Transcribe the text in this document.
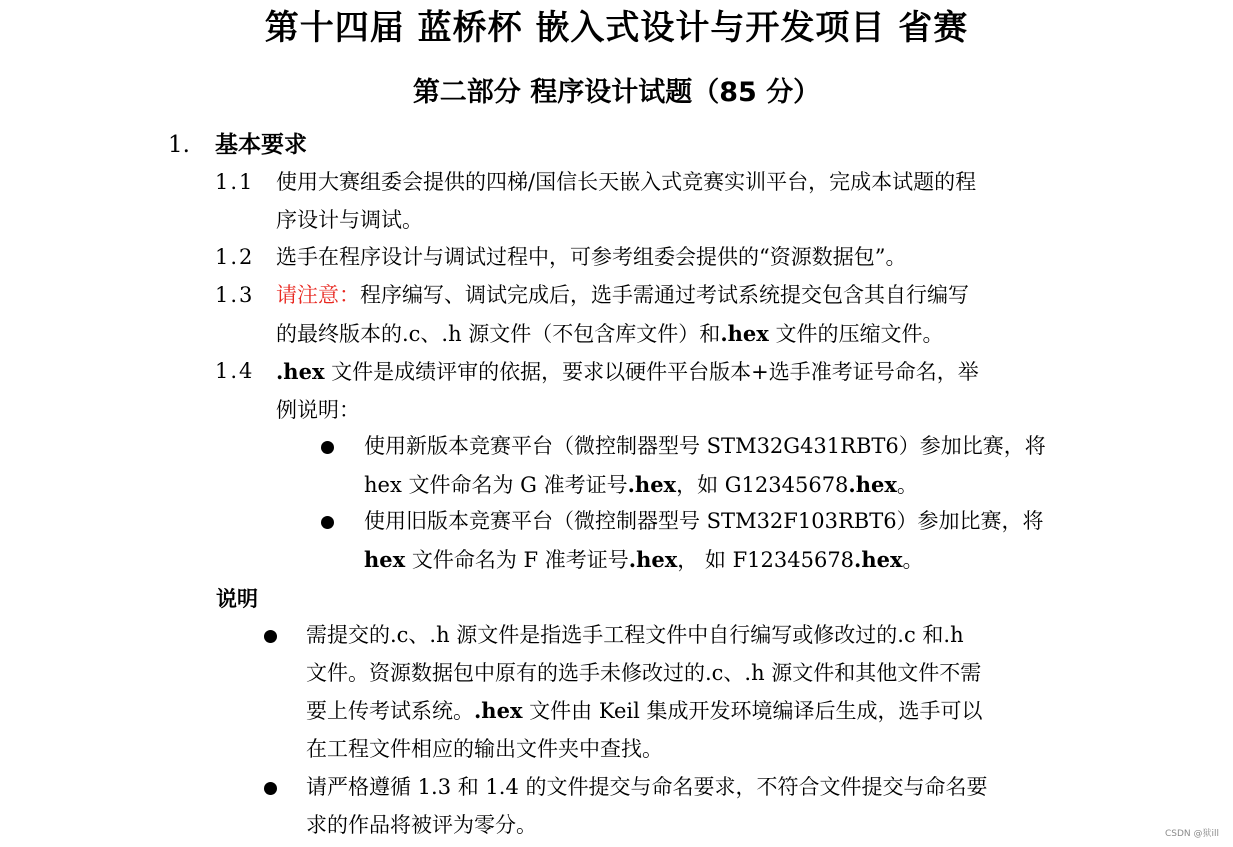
第十四届 蓝桥杯 嵌入式设计与开发项目 省赛
第二部分 程序设计试题（85 分）
1. 基本要求
1.1 使用大赛组委会提供的四梯/国信长天嵌入式竞赛实训平台，完成本试题的程
序设计与调试。
1.2 选手在程序设计与调试过程中，可参考组委会提供的“资源数据包”。
1.3 请注意：程序编写、调试完成后，选手需通过考试系统提交包含其自行编写
的最终版本的.c、.h 源文件（不包含库文件）和.hex 文件的压缩文件。
1.4 .hex 文件是成绩评审的依据，要求以硬件平台版本+选手准考证号命名，举
例说明：
使用新版本竞赛平台（微控制器型号 STM32G431RBT6）参加比赛，将
hex 文件命名为 G 准考证号.hex，如 G12345678.hex。
使用旧版本竞赛平台（微控制器型号 STM32F103RBT6）参加比赛，将
hex 文件命名为 F 准考证号.hex， 如 F12345678.hex。
说明
需提交的.c、.h 源文件是指选手工程文件中自行编写或修改过的.c 和.h
文件。资源数据包中原有的选手未修改过的.c、.h 源文件和其他文件不需
要上传考试系统。.hex 文件由 Keil 集成开发环境编译后生成，选手可以
在工程文件相应的输出文件夹中查找。
请严格遵循 1.3 和 1.4 的文件提交与命名要求，不符合文件提交与命名要
求的作品将被评为零分。	CSDN @狱ill
